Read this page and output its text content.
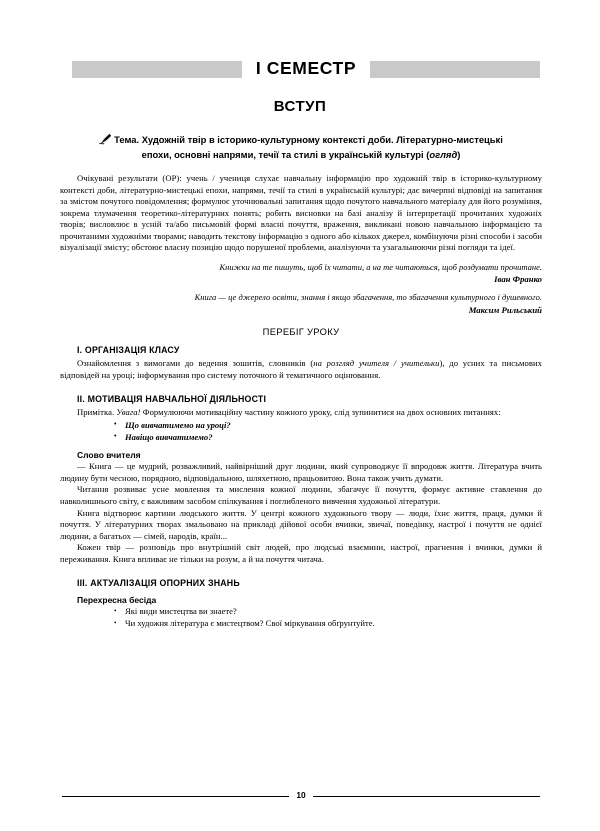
І СЕМЕСТР
ВСТУП
Тема. Художній твір в історико-культурному контексті доби. Літературно-мистецькі
епохи, основні напрями, течії та стилі в українській культурі (огляд)

Очікувані результати (ОР): учень / учениця слухає навчальну інформацію про художній твір в історико-культурному контексті доби, літературно-мистецькі епохи, напрями, течії та стилі в українській культурі; дає вичерпні відповіді на запитання за змістом почутого повідомлення; формулює уточнювальні запитання щодо почутого навчального матеріалу для його розуміння, зокрема тлумачення теоретико-літературних понять; робить висновки на базі аналізу й інтерпретації прочитаних художніх творів; висловлює в усній та/або письмовій формі власні почуття, враження, викликані новою навчальною інформацією та прочитаними художніми творами; наводить текстову інформацію з одного або кількох джерел, комбінуючи різні способи і засоби візуалізації змісту; обстоює власну позицію щодо порушеної проблеми, аналізуючи та узагальнюючи різні погляди та ідеї.

Книжки на те пишуть, щоб їх читати, а на те читаються, щоб роздумати прочитане.

Іван Франко

Книга — це джерело освіти, знання і якщо збагачення, то збагачення культурного і душевного.

Максим Рильський

ПЕРЕБІГ УРОКУ
I. ОРГАНІЗАЦІЯ КЛАСУ

Ознайомлення з вимогами до ведення зошитів, словників (на розгляд учителя / учительки), до усних та письмових відповідей на уроці; інформування про систему поточного й тематичного оцінювання.

II. МОТИВАЦІЯ НАВЧАЛЬНОЇ ДІЯЛЬНОСТІ

Примітка. Увага! Формулюючи мотиваційну частину кожного уроку, слід зупинитися на двох основних питаннях:

• Що вивчатимемо на уроці?
• Навіщо вивчатимемо?
Слово вчителя

— Книга — це мудрий, розважливий, найвірніший друг людини, який супроводжує її впродовж життя. Література вчить людину бути чесною, порядною, відповідальною, шляхетною, працьовитою. Вона також учить думати.

Читання розвиває усне мовлення та мислення кожної людини, збагачує її почуття, формує активне ставлення до навколишнього світу, є важливим засобом спілкування і поглибленого вивчення художньої літератури.

Книга відтворює картини людського життя. У центрі кожного художнього твору — люди, їхнє життя, праця, думки й почуття. У літературних творах змальовано на прикладі дійової особи вчинки, звичаї, поведінку, настрої і почуття не однієї людини, а багатьох — сімей, народів, країн...

Кожен твір — розповідь про внутрішній світ людей, про людські взаємини, настрої, прагнення і вчинки, думки й переживання. Книга впливає не тільки на розум, а й на почуття читача.

III. АКТУАЛІЗАЦІЯ ОПОРНИХ ЗНАНЬ
Перехресна бесіда
• Які види мистецтва ви знаете?
• Чи художня література є мистецтвом? Свої міркування обґрунтуйте.
10
